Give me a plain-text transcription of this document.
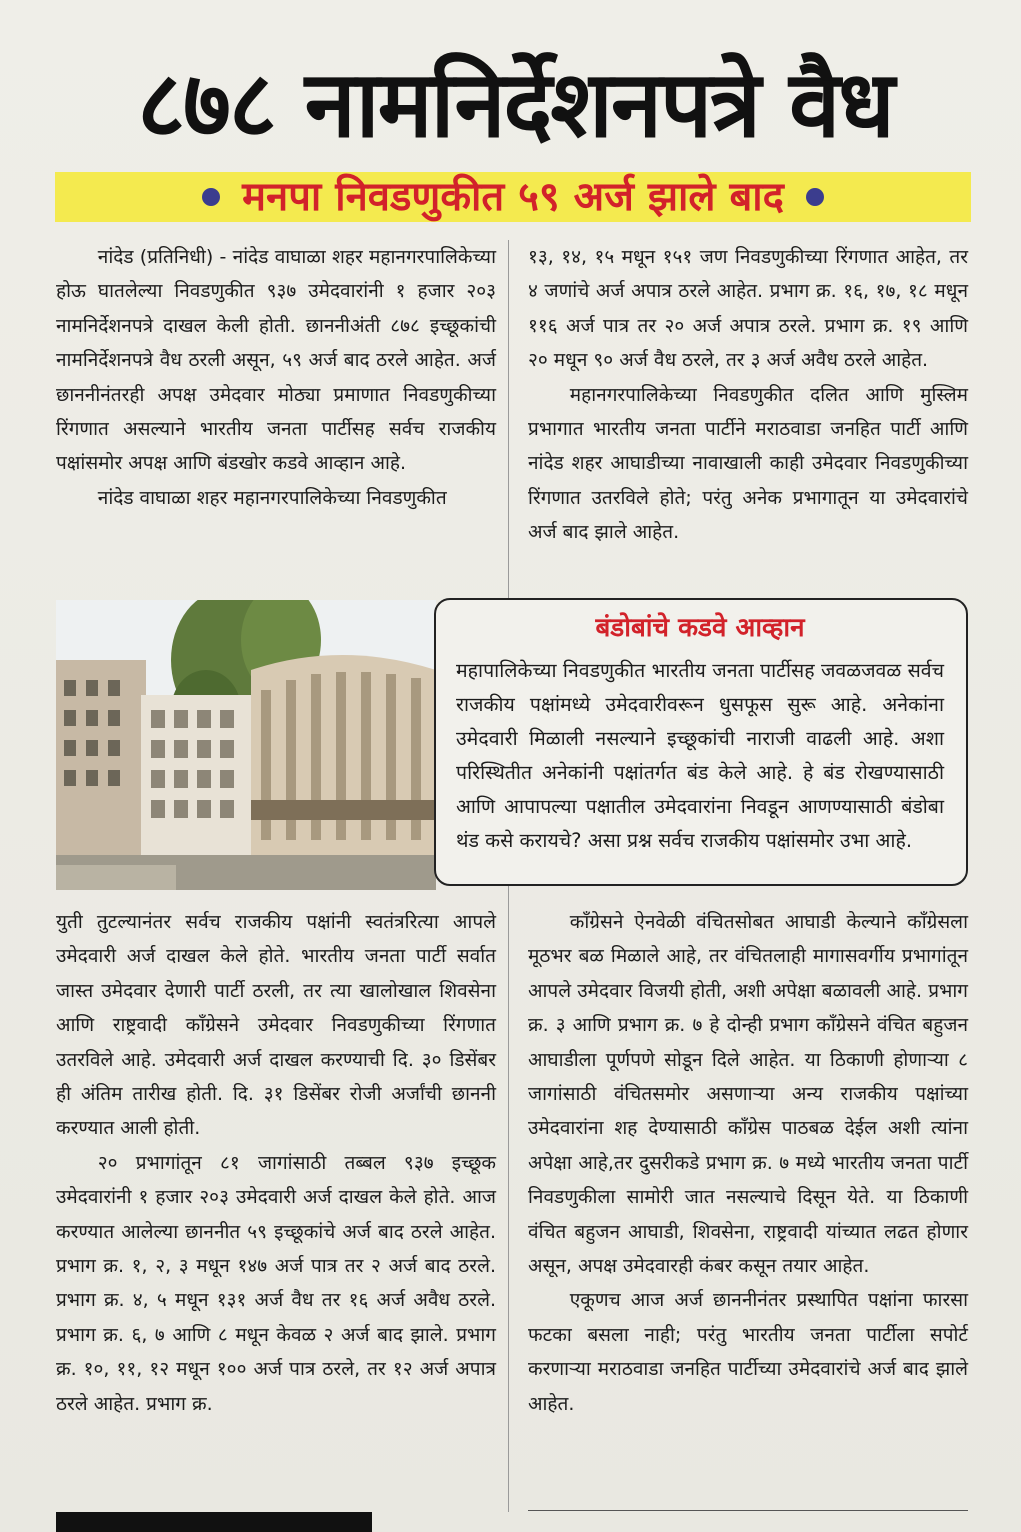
८७८ नामनिर्देशनपत्रे वैध
मनपा निवडणुकीत ५९ अर्ज झाले बाद

नांदेड (प्रतिनिधी) - नांदेड वाघाळा शहर महानगरपालिकेच्या होऊ घातलेल्या निवडणुकीत ९३७ उमेदवारांनी १ हजार २०३ नामनिर्देशनपत्रे दाखल केली होती. छाननीअंती ८७८ इच्छूकांची नामनिर्देशनपत्रे वैध ठरली असून, ५९ अर्ज बाद ठरले आहेत. अर्ज छाननीनंतरही अपक्ष उमेदवार मोठ्या प्रमाणात निवडणुकीच्या रिंगणात असल्याने भारतीय जनता पार्टीसह सर्वच राजकीय पक्षांसमोर अपक्ष आणि बंडखोर कडवे आव्हान आहे.

नांदेड वाघाळा शहर महानगरपालिकेच्या निवडणुकीत

१३, १४, १५ मधून १५१ जण निवडणुकीच्या रिंगणात आहेत, तर ४ जणांचे अर्ज अपात्र ठरले आहेत. प्रभाग क्र. १६, १७, १८ मधून ११६ अर्ज पात्र तर २० अर्ज अपात्र ठरले. प्रभाग क्र. १९ आणि २० मधून ९० अर्ज वैध ठरले, तर ३ अर्ज अवैध ठरले आहेत.

महानगरपालिकेच्या निवडणुकीत दलित आणि मुस्लिम प्रभागात भारतीय जनता पार्टीने मराठवाडा जनहित पार्टी आणि नांदेड शहर आघाडीच्या नावाखाली काही उमेदवार निवडणुकीच्या रिंगणात उतरविले होते; परंतु अनेक प्रभागातून या उमेदवारांचे अर्ज बाद झाले आहेत.

बंडोबांचे कडवे आव्हान
महापालिकेच्या निवडणुकीत भारतीय जनता पार्टीसह जवळजवळ सर्वच राजकीय पक्षांमध्ये उमेदवारीवरून धुसफूस सुरू आहे. अनेकांना उमेदवारी मिळाली नसल्याने इच्छूकांची नाराजी वाढली आहे. अशा परिस्थितीत अनेकांनी पक्षांतर्गत बंड केले आहे. हे बंड रोखण्यासाठी आणि आपापल्या पक्षातील उमेदवारांना निवडून आणण्यासाठी बंडोबा थंड कसे करायचे? असा प्रश्न सर्वच राजकीय पक्षांसमोर उभा आहे.

युती तुटल्यानंतर सर्वच राजकीय पक्षांनी स्वतंत्ररित्या आपले उमेदवारी अर्ज दाखल केले होते. भारतीय जनता पार्टी सर्वात जास्त उमेदवार देणारी पार्टी ठरली, तर त्या खालोखाल शिवसेना आणि राष्ट्रवादी काँग्रेसने उमेदवार निवडणुकीच्या रिंगणात उतरविले आहे. उमेदवारी अर्ज दाखल करण्याची दि. ३० डिसेंबर ही अंतिम तारीख होती. दि. ३१ डिसेंबर रोजी अर्जांची छाननी करण्यात आली होती.

२० प्रभागांतून ८१ जागांसाठी तब्बल ९३७ इच्छूक उमेदवारांनी १ हजार २०३ उमेदवारी अर्ज दाखल केले होते. आज करण्यात आलेल्या छाननीत ५९ इच्छूकांचे अर्ज बाद ठरले आहेत. प्रभाग क्र. १, २, ३ मधून १४७ अर्ज पात्र तर २ अर्ज बाद ठरले. प्रभाग क्र. ४, ५ मधून १३१ अर्ज वैध तर १६ अर्ज अवैध ठरले. प्रभाग क्र. ६, ७ आणि ८ मधून केवळ २ अर्ज बाद झाले. प्रभाग क्र. १०, ११, १२ मधून १०० अर्ज पात्र ठरले, तर १२ अर्ज अपात्र ठरले आहेत. प्रभाग क्र.

काँग्रेसने ऐनवेळी वंचितसोबत आघाडी केल्याने काँग्रेसला मूठभर बळ मिळाले आहे, तर वंचितलाही मागासवर्गीय प्रभागांतून आपले उमेदवार विजयी होती, अशी अपेक्षा बळावली आहे. प्रभाग क्र. ३ आणि प्रभाग क्र. ७ हे दोन्ही प्रभाग काँग्रेसने वंचित बहुजन आघाडीला पूर्णपणे सोडून दिले आहेत. या ठिकाणी होणाऱ्या ८ जागांसाठी वंचितसमोर असणाऱ्या अन्य राजकीय पक्षांच्या उमेदवारांना शह देण्यासाठी काँग्रेस पाठबळ देईल अशी त्यांना अपेक्षा आहे,तर दुसरीकडे प्रभाग क्र. ७ मध्ये भारतीय जनता पार्टी निवडणुकीला सामोरी जात नसल्याचे दिसून येते. या ठिकाणी वंचित बहुजन आघाडी, शिवसेना, राष्ट्रवादी यांच्यात लढत होणार असून, अपक्ष उमेदवारही कंबर कसून तयार आहेत.

एकूणच आज अर्ज छाननीनंतर प्रस्थापित पक्षांना फारसा फटका बसला नाही; परंतु भारतीय जनता पार्टीला सपोर्ट करणाऱ्या मराठवाडा जनहित पार्टीच्या उमेदवारांचे अर्ज बाद झाले आहेत.
